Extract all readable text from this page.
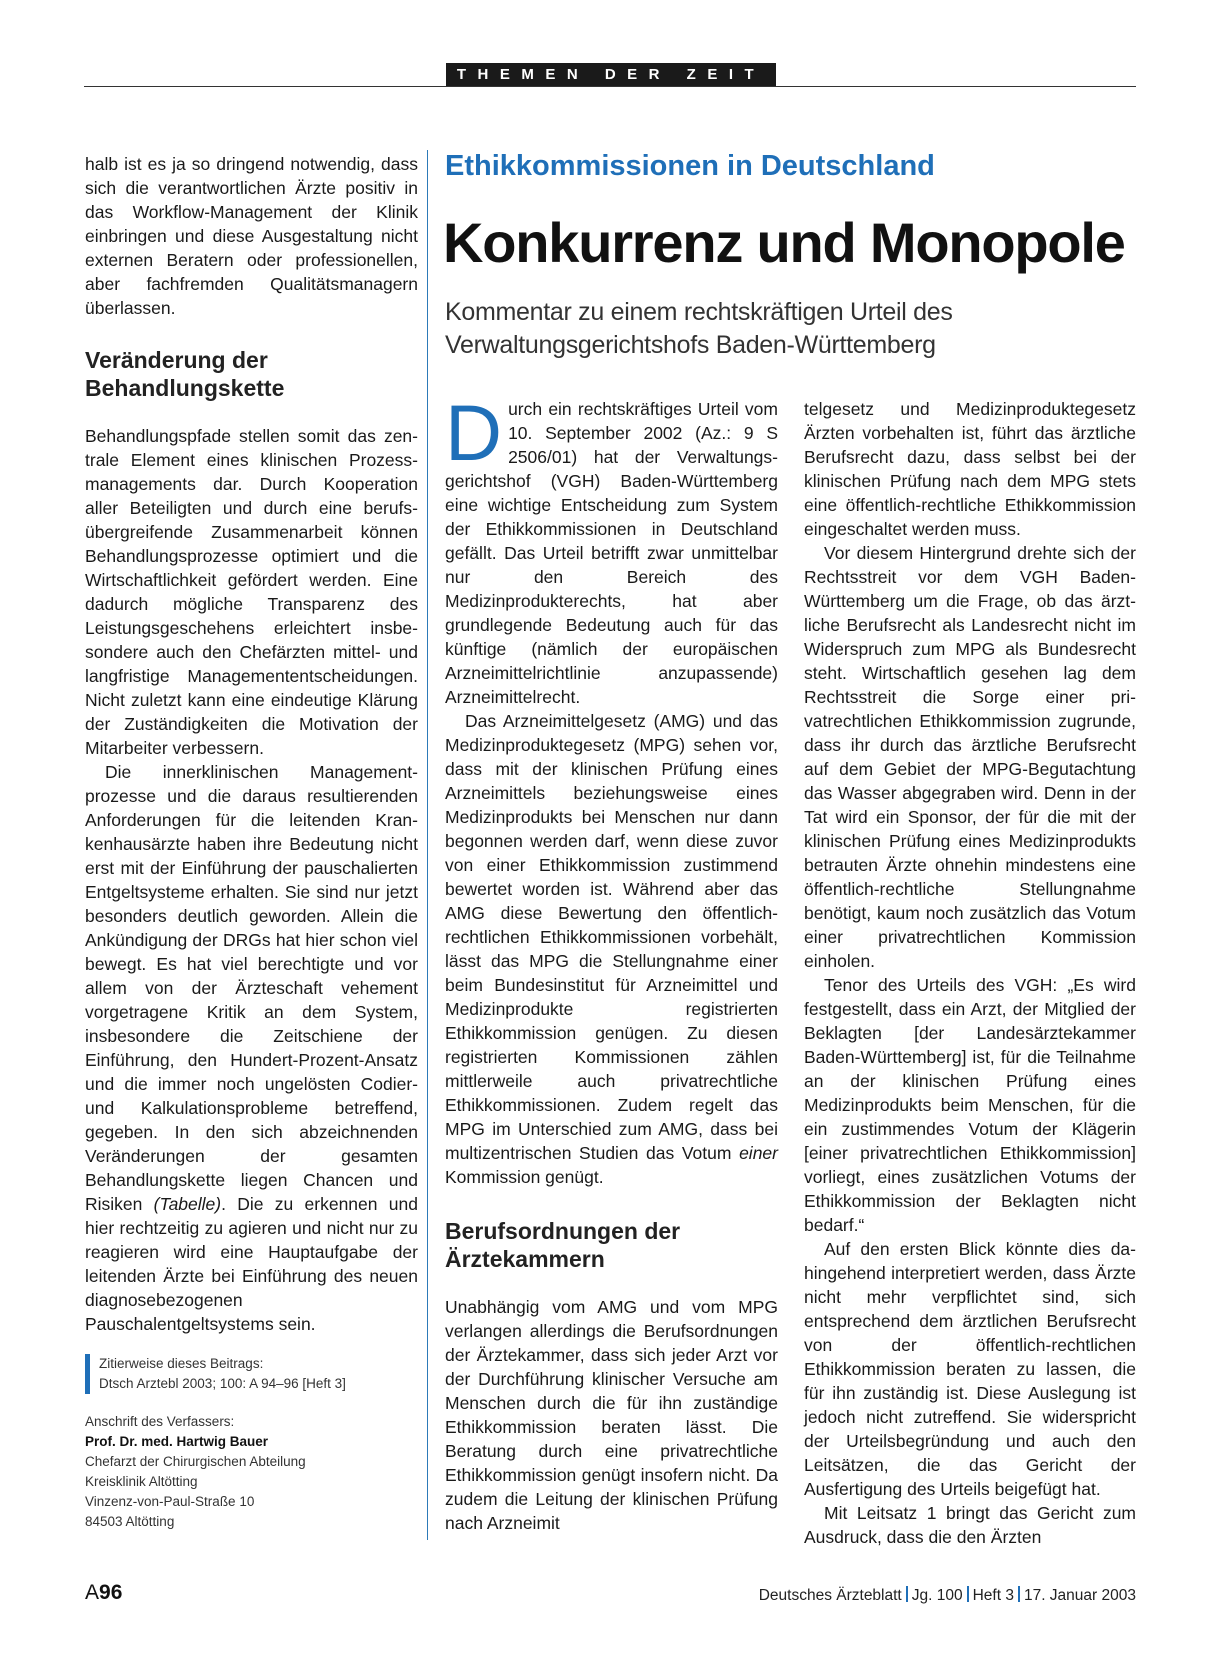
THEMEN DER ZEIT

halb ist es ja so dringend notwendig, dass sich die verantwortlichen Ärzte positiv in das Workflow-Management der Klinik einbringen und diese Ausgestaltung nicht externen Beratern oder professionellen, aber fachfremden Qualitätsmanagern überlassen.

Veränderung der
Behandlungskette

Behandlungspfade stellen somit das zentrale Element eines klinischen Prozessmanagements dar. Durch Kooperation aller Beteiligten und durch eine berufsübergreifende Zusammenarbeit können Behandlungsprozesse optimiert und die Wirtschaftlichkeit gefördert werden. Eine dadurch mögliche Transparenz des Leistungsgeschehens erleichtert insbesondere auch den Chefärzten mittel- und langfristige Managemententscheidungen. Nicht zuletzt kann eine eindeutige Klärung der Zuständigkeiten die Motivation der Mitarbeiter verbessern.

Die innerklinischen Managementprozesse und die daraus resultierenden Anforderungen für die leitenden Krankenhausärzte haben ihre Bedeutung nicht erst mit der Einführung der pauschalierten Entgeltsysteme erhalten. Sie sind nur jetzt besonders deutlich geworden. Allein die Ankündigung der DRGs hat hier schon viel bewegt. Es hat viel berechtigte und vor allem von der Ärzteschaft vehement vorgetragene Kritik an dem System, insbesondere die Zeitschiene der Einführung, den Hundert-Prozent-Ansatz und die immer noch ungelösten Codier- und Kalkulationsprobleme betreffend, gegeben. In den sich abzeichnenden Veränderungen der gesamten Behandlungskette liegen Chancen und Risiken (Tabelle). Die zu erkennen und hier rechtzeitig zu agieren und nicht nur zu reagieren wird eine Hauptaufgabe der leitenden Ärzte bei Einführung des neuen diagnosebezogenen Pauschalentgeltsystems sein.

Zitierweise dieses Beitrags:
Dtsch Arztebl 2003; 100: A 94–96 [Heft 3]

Anschrift des Verfassers:
Prof. Dr. med. Hartwig Bauer
Chefarzt der Chirurgischen Abteilung
Kreisklinik Altötting
Vinzenz-von-Paul-Straße 10
84503 Altötting

Ethikkommissionen in Deutschland
Konkurrenz und Monopole

Kommentar zu einem rechtskräftigen Urteil des
Verwaltungsgerichtshofs Baden-Württemberg

Durch ein rechtskräftiges Urteil vom 10. September 2002 (Az.: 9 S 2506/01) hat der Verwaltungsgerichtshof (VGH) Baden-Württemberg eine wichtige Entscheidung zum System der Ethikkommissionen in Deutschland gefällt. Das Urteil betrifft zwar unmittelbar nur den Bereich des Medizinprodukterechts, hat aber grundlegende Bedeutung auch für das künftige (nämlich der europäischen Arzneimittelrichtlinie anzupassende) Arzneimittelrecht.

Das Arzneimittelgesetz (AMG) und das Medizinproduktegesetz (MPG) sehen vor, dass mit der klinischen Prüfung eines Arzneimittels beziehungsweise eines Medizinprodukts bei Menschen nur dann begonnen werden darf, wenn diese zuvor von einer Ethikkommission zustimmend bewertet worden ist. Während aber das AMG diese Bewertung den öffentlich-rechtlichen Ethikkommissionen vorbehält, lässt das MPG die Stellungnahme einer beim Bundesinstitut für Arzneimittel und Medizinprodukte registrierten Ethikkommission genügen. Zu diesen registrierten Kommissionen zählen mittlerweile auch privatrechtliche Ethikkommissionen. Zudem regelt das MPG im Unterschied zum AMG, dass bei multizentrischen Studien das Votum einer Kommission genügt.

Berufsordnungen der
Ärztekammern

Unabhängig vom AMG und vom MPG verlangen allerdings die Berufsordnungen der Ärztekammer, dass sich jeder Arzt vor der Durchführung klinischer Versuche am Menschen durch die für ihn zuständige Ethikkommission beraten lässt. Die Beratung durch eine privatrechtliche Ethikkommission genügt insofern nicht. Da zudem die Leitung der klinischen Prüfung nach Arzneimit

telgesetz und Medizinproduktegesetz Ärzten vorbehalten ist, führt das ärztliche Berufsrecht dazu, dass selbst bei der klinischen Prüfung nach dem MPG stets eine öffentlich-rechtliche Ethikkommission eingeschaltet werden muss.

Vor diesem Hintergrund drehte sich der Rechtsstreit vor dem VGH Baden-Württemberg um die Frage, ob das ärztliche Berufsrecht als Landesrecht nicht im Widerspruch zum MPG als Bundesrecht steht. Wirtschaftlich gesehen lag dem Rechtsstreit die Sorge einer privatrechtlichen Ethikkommission zugrunde, dass ihr durch das ärztliche Berufsrecht auf dem Gebiet der MPG-Begutachtung das Wasser abgegraben wird. Denn in der Tat wird ein Sponsor, der für die mit der klinischen Prüfung eines Medizinprodukts betrauten Ärzte ohnehin mindestens eine öffentlich-rechtliche Stellungnahme benötigt, kaum noch zusätzlich das Votum einer privatrechtlichen Kommission einholen.

Tenor des Urteils des VGH: „Es wird festgestellt, dass ein Arzt, der Mitglied der Beklagten [der Landesärztekammer Baden-Württemberg] ist, für die Teilnahme an der klinischen Prüfung eines Medizinprodukts beim Menschen, für die ein zustimmendes Votum der Klägerin [einer privatrechtlichen Ethikkommission] vorliegt, eines zusätzlichen Votums der Ethikkommission der Beklagten nicht bedarf.“

Auf den ersten Blick könnte dies dahingehend interpretiert werden, dass Ärzte nicht mehr verpflichtet sind, sich entsprechend dem ärztlichen Berufsrecht von der öffentlich-rechtlichen Ethikkommission beraten zu lassen, die für ihn zuständig ist. Diese Auslegung ist jedoch nicht zutreffend. Sie widerspricht der Urteilsbegründung und auch den Leitsätzen, die das Gericht der Ausfertigung des Urteils beigefügt hat.

Mit Leitsatz 1 bringt das Gericht zum Ausdruck, dass die den Ärzten

A96	Deutsches Ärzteblatt Jg. 100 Heft 3 17. Januar 2003
